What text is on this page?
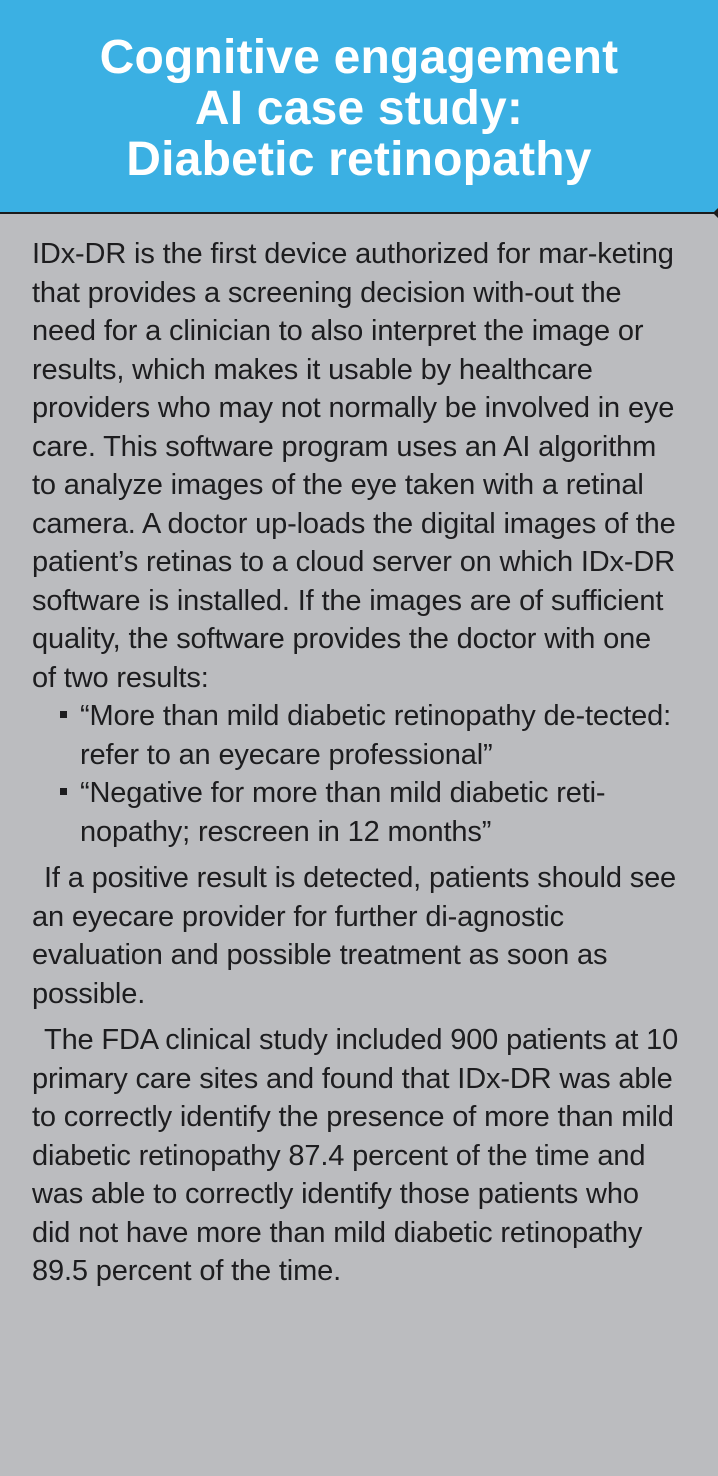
Cognitive engagement
AI case study:
Diabetic retinopathy

IDx-DR is the first device authorized for mar-keting that provides a screening decision with-out the need for a clinician to also interpret the image or results, which makes it usable by healthcare providers who may not normally be involved in eye care. This software program uses an AI algorithm to analyze images of the eye taken with a retinal camera. A doctor up-loads the digital images of the patient’s retinas to a cloud server on which IDx-DR software is installed. If the images are of sufficient quality, the software provides the doctor with one of two results:

“More than mild diabetic retinopathy de-tected: refer to an eyecare professional”
“Negative for more than mild diabetic reti-nopathy; rescreen in 12 months”

If a positive result is detected, patients should see an eyecare provider for further di-agnostic evaluation and possible treatment as soon as possible.

The FDA clinical study included 900 patients at 10 primary care sites and found that IDx-DR was able to correctly identify the presence of more than mild diabetic retinopathy 87.4 percent of the time and was able to correctly identify those patients who did not have more than mild diabetic retinopathy 89.5 percent of the time.
